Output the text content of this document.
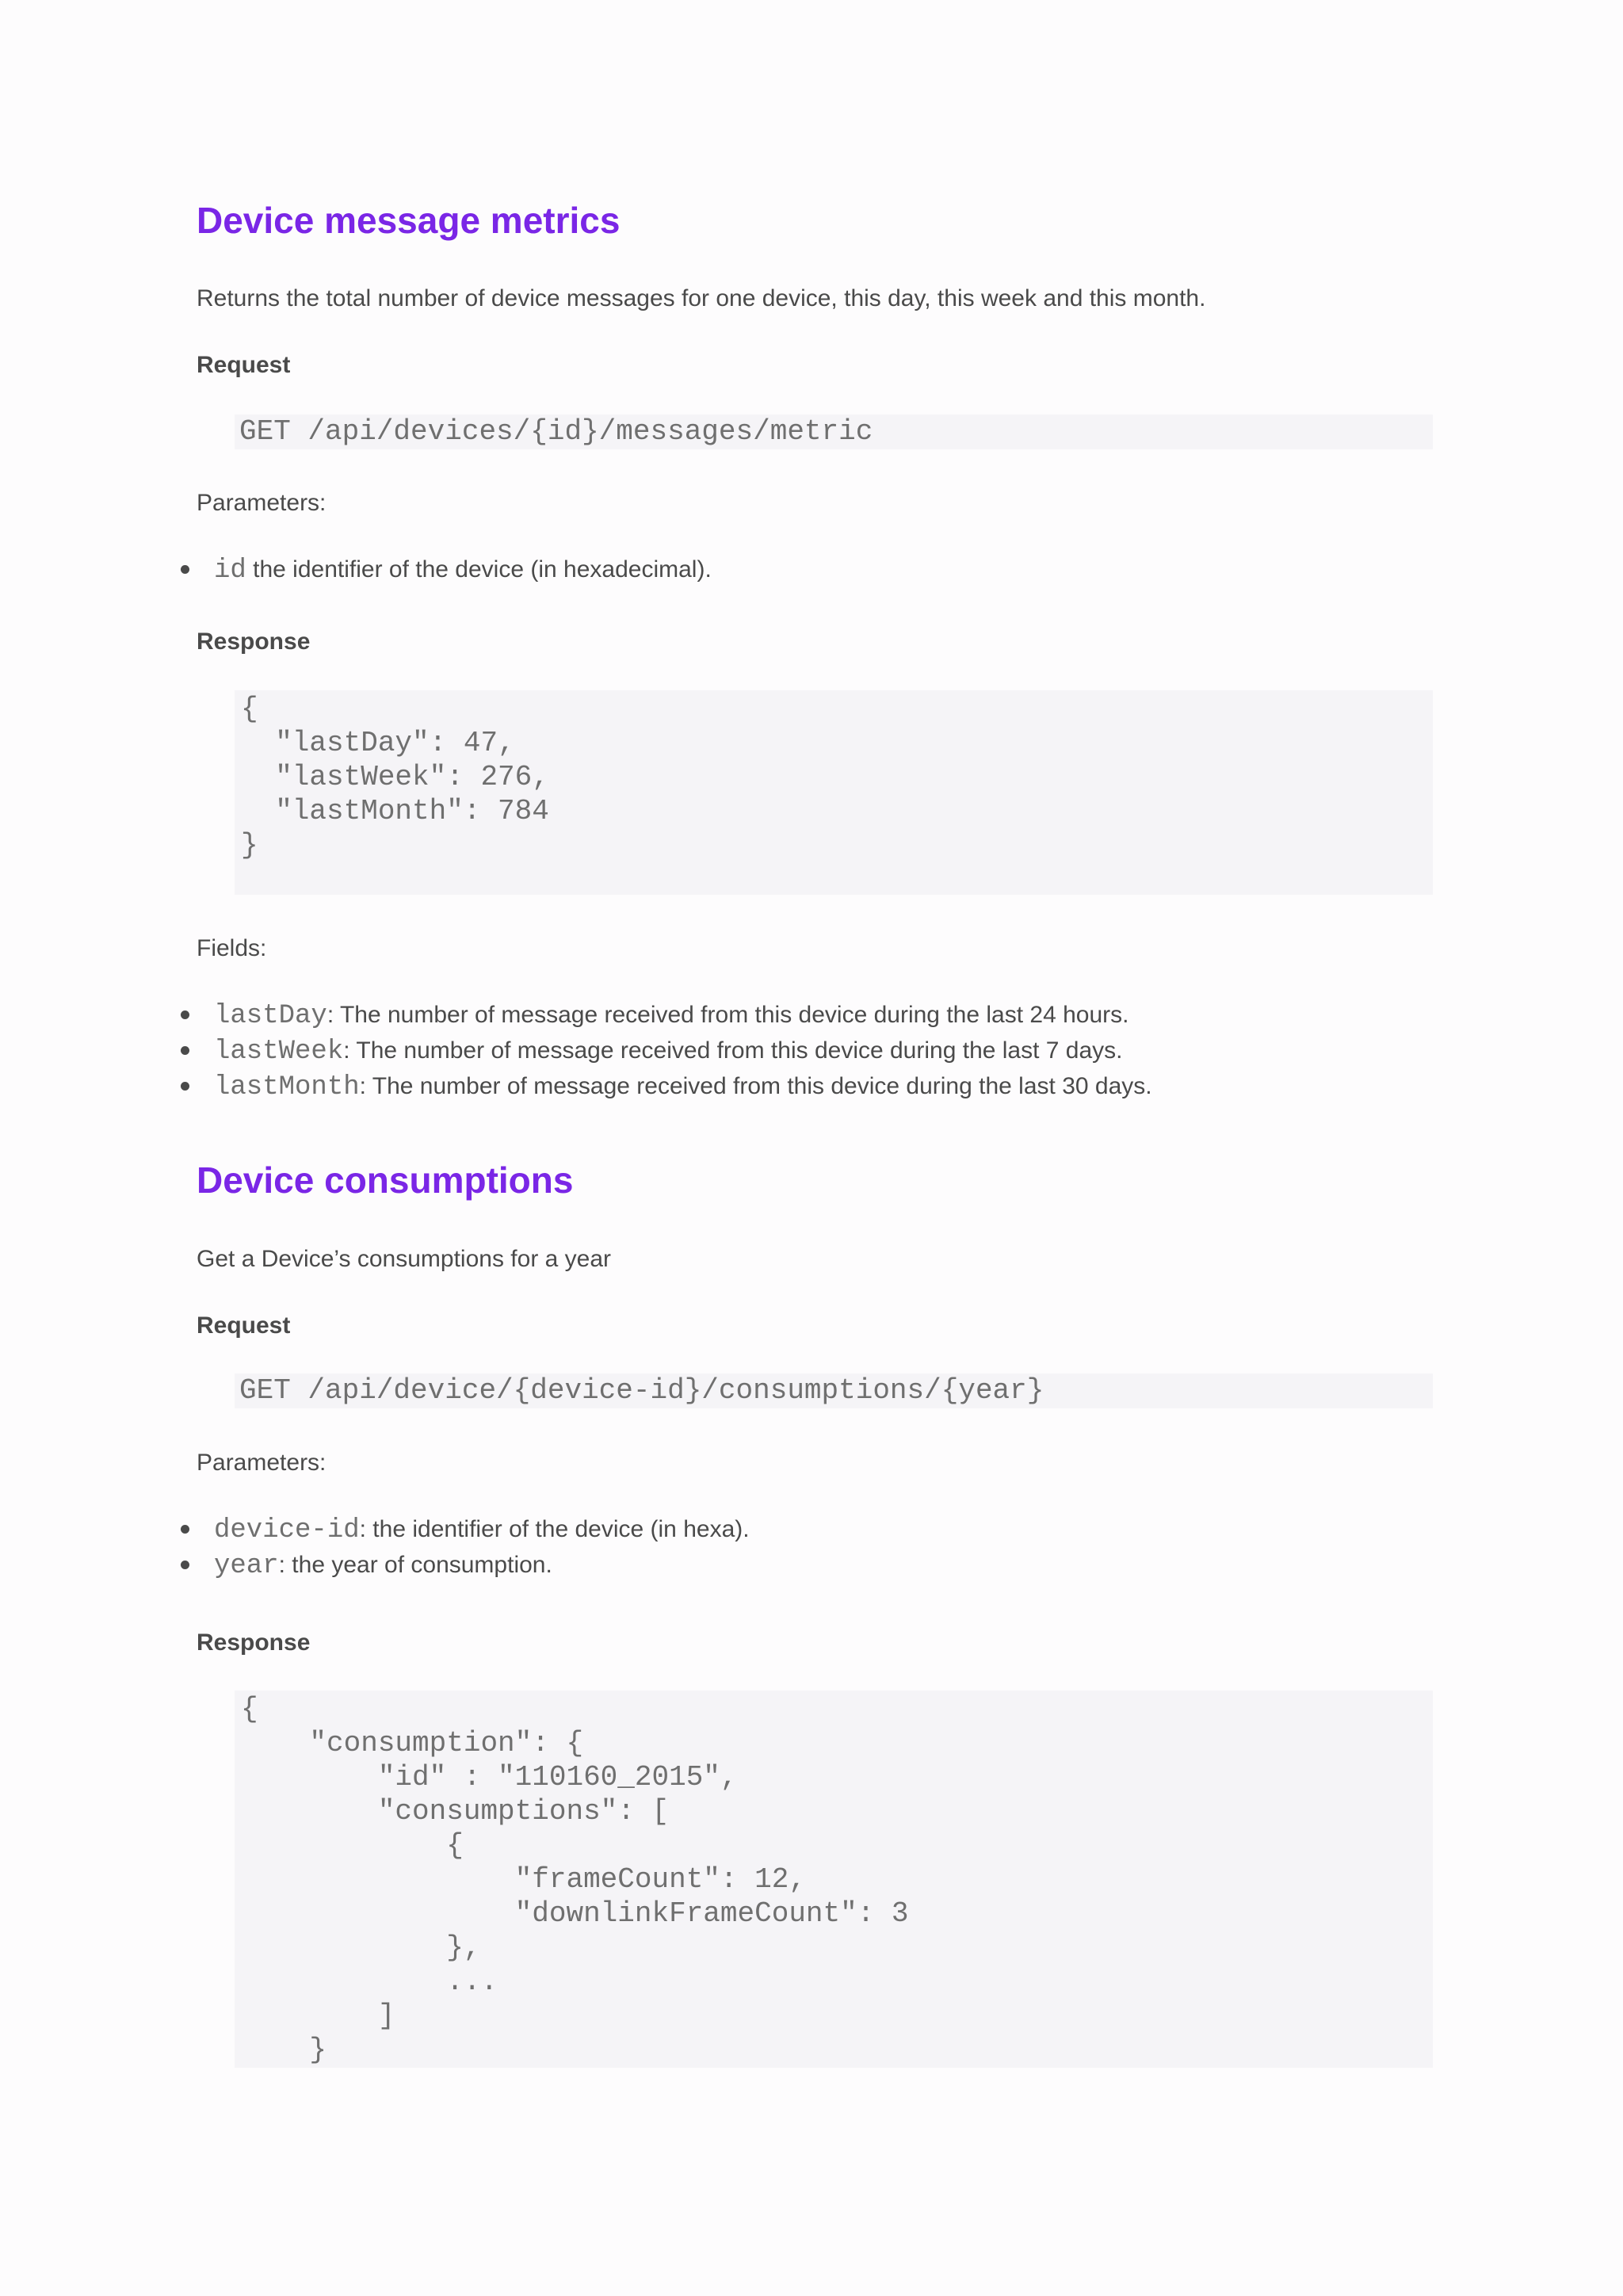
Device message metrics

Returns the total number of device messages for one device, this day, this week and this month.

Request

GET /api/devices/{id}/messages/metric

Parameters:

id the identifier of the device (in hexadecimal).

Response

{
"lastDay": 47,
"lastWeek": 276,
"lastMonth": 784
}

Fields:

lastDay: The number of message received from this device during the last 24 hours.
lastWeek: The number of message received from this device during the last 7 days.
lastMonth: The number of message received from this device during the last 30 days.
Device consumptions

Get a Device’s consumptions for a year

Request

GET /api/device/{device-id}/consumptions/{year}

Parameters:

device-id: the identifier of the device (in hexa).
year: the year of consumption.

Response

{
"consumption": {
"id" : "110160_2015",
"consumptions": [
{
"frameCount": 12,
"downlinkFrameCount": 3
},
...
]
}
